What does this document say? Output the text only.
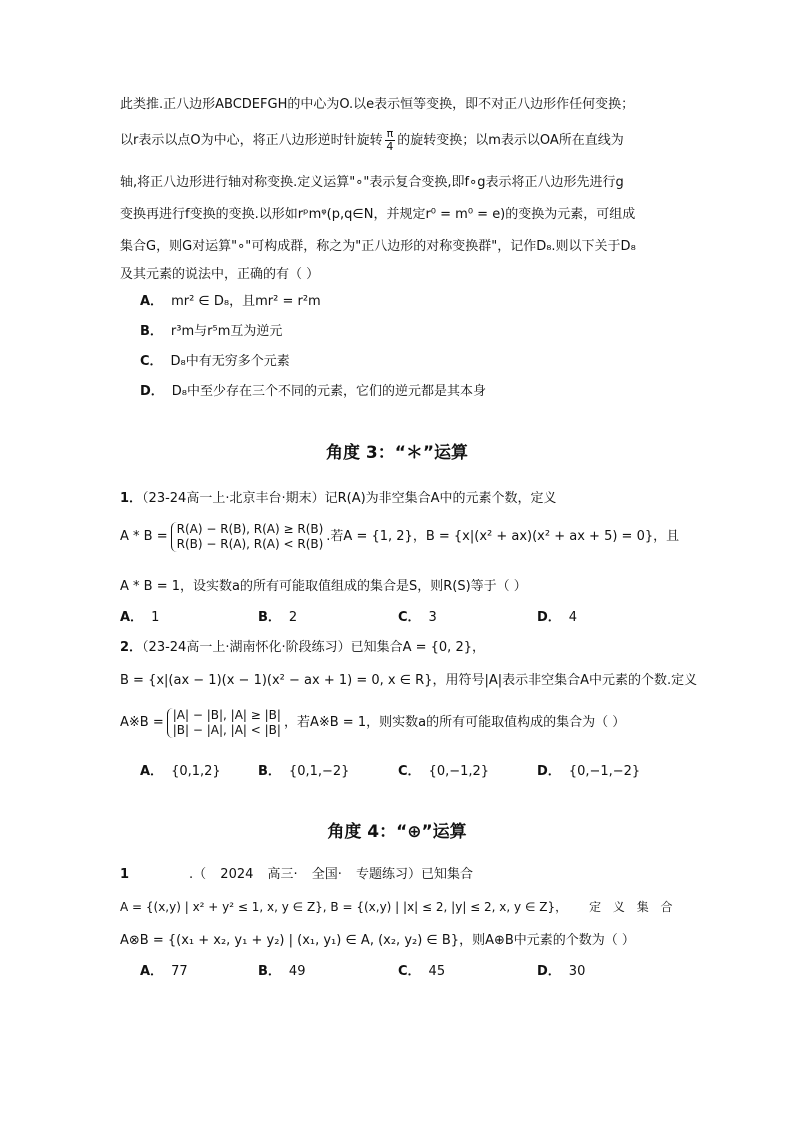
此类推.正八边形ABCDEFGH的中心为O.以e表示恒等变换，即不对正八边形作任何变换；
以r表示以点O为中心，将正八边形逆时针旋转 $\frac{\pi}{4}$ 的旋转变换；以m表示以OA所在直线为
轴,将正八边形进行轴对称变换.定义运算"∘"表示复合变换,即f∘g表示将正八边形先进行g
变换再进行f变换的变换.以形如rᵖmᵠ(p,q∈N，并规定r⁰ = m⁰ = e)的变换为元素，可组成
集合G，则G对运算"∘"可构成群，称之为"正八边形的对称变换群"，记作D₈.则以下关于D₈
及其元素的说法中，正确的有（ ）
A． mr² ∈ D₈，且mr² = r²m
B． r³m与r⁵m互为逆元
C． D₈中有无穷多个元素
D． D₈中至少存在三个不同的元素，它们的逆元都是其本身
角度 3：“＊”运算
1．（23-24高一上·北京丰台·期末）记R(A)为非空集合A中的元素个数，定义
A * B =
R(A) − R(B), R(A) ≥ R(B)
R(B) − R(A), R(A) < R(B) .若A = {1, 2}，B = {x|(x² + ax)(x² + ax + 5) = 0}，且
A * B = 1，设实数a的所有可能取值组成的集合是S，则R(S)等于（ ）
A． 1	B． 2	C． 3	D． 4
2．（23-24高一上·湖南怀化·阶段练习）已知集合A = {0, 2}，
B = {x|(ax − 1)(x − 1)(x² − ax + 1) = 0, x ∈ R}，用符号|A|表示非空集合A中元素的个数.定义
A※B =
|A| − |B|, |A| ≥ |B|
|B| − |A|, |A| < |B| ，若A※B = 1，则实数a的所有可能取值构成的集合为（ ）
A． {0,1,2}	B． {0,1,−2}	C． {0,−1,2}	D． {0,−1,−2}
角度 4：“⊕”运算
1	.（ 2024 高三· 全国· 专题练习）已知集合
A = {(x,y) | x² + y² ≤ 1, x, y ∈ Z}, B = {(x,y) | |x| ≤ 2, |y| ≤ 2, x, y ∈ Z}， 定 义 集 合
A⊗B = {(x₁ + x₂, y₁ + y₂) | (x₁, y₁) ∈ A, (x₂, y₂) ∈ B}，则A⊕B中元素的个数为（ ）
A． 77	B． 49	C． 45	D． 30
